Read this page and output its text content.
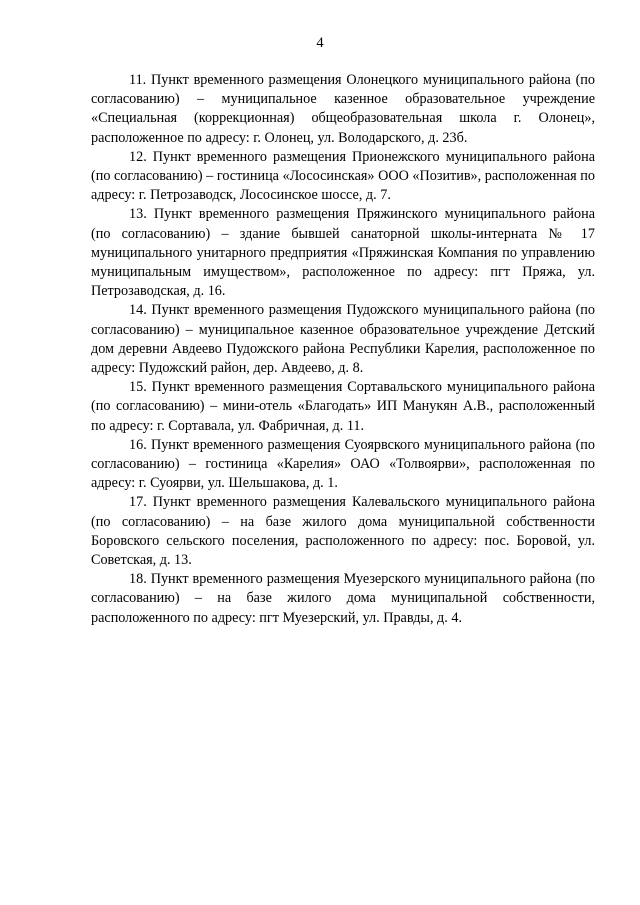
4

11. Пункт временного размещения Олонецкого муниципального района (по согласованию) – муниципальное казенное образовательное учреждение «Специальная (коррекционная) общеобразовательная школа г. Олонец», расположенное по адресу: г. Олонец, ул. Володарского, д. 23б.

12. Пункт временного размещения Прионежского муниципального района (по согласованию) – гостиница «Лососинская» ООО «Позитив», расположенная по адресу: г. Петрозаводск, Лососинское шоссе, д. 7.

13. Пункт временного размещения Пряжинского муниципального района (по согласованию) – здание бывшей санаторной школы-интерната № 17 муниципального унитарного предприятия «Пряжинская Компания по управлению муниципальным имуществом», расположенное по адресу: пгт Пряжа, ул. Петрозаводская, д. 16.

14. Пункт временного размещения Пудожского муниципального района (по согласованию) – муниципальное казенное образовательное учреждение Детский дом деревни Авдеево Пудожского района Республики Карелия, расположенное по адресу: Пудожский район, дер. Авдеево, д. 8.

15. Пункт временного размещения Сортавальского муниципального района (по согласованию) – мини-отель «Благодать» ИП Манукян А.В., расположенный по адресу: г. Сортавала, ул. Фабричная, д. 11.

16. Пункт временного размещения Суоярвского муниципального района (по согласованию) – гостиница «Карелия» ОАО «Толвоярви», расположенная по адресу: г. Суоярви, ул. Шельшакова, д. 1.

17. Пункт временного размещения Калевальского муниципального района (по согласованию) – на базе жилого дома муниципальной собственности Боровского сельского поселения, расположенного по адресу: пос. Боровой, ул. Советская, д. 13.

18. Пункт временного размещения Муезерского муниципального района (по согласованию) – на базе жилого дома муниципальной собственности, расположенного по адресу: пгт Муезерский, ул. Правды, д. 4.
